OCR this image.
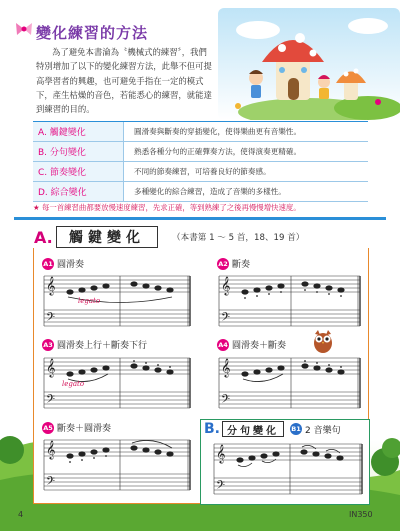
變化練習的方法

為了避免本書淪為〝機械式的練習〞，我們特別增加了以下的變化練習方法，此舉不但可提高學習者的興趣，也可避免手指在一定的模式下，產生枯燥的音色，若能悉心的練習，就能達到練習的目的。

A. 觸鍵變化	圓滑奏與斷奏的穿插變化，使得樂曲更有音樂性。
B. 分句變化	熟悉各種分句的正確彈奏方法，使得演奏更精確。
C. 節奏變化	不同的節奏練習，可培養良好的節奏感。
D. 綜合變化	多種變化的綜合練習，造成了音樂的多樣性。
★ 每一首練習曲都要放慢速度練習，先求正確，等到熟練了之後再慢慢增快速度。
A.	觸鍵變化	（本書第 1 ～ 5 首，18、19 首）
A1 圓滑奏	A2 斷奏
A3 圓滑奏上行＋斷奏下行	A4 圓滑奏＋斷奏
A5 斷奏＋圓滑奏
𝄞
𝄢
legato
𝄞
𝄢
𝄞
𝄢
legato
𝄞
𝄢
𝄞
𝄢
B. 分句變化	B1 2 音樂句
𝄞
𝄢
4	IN350
